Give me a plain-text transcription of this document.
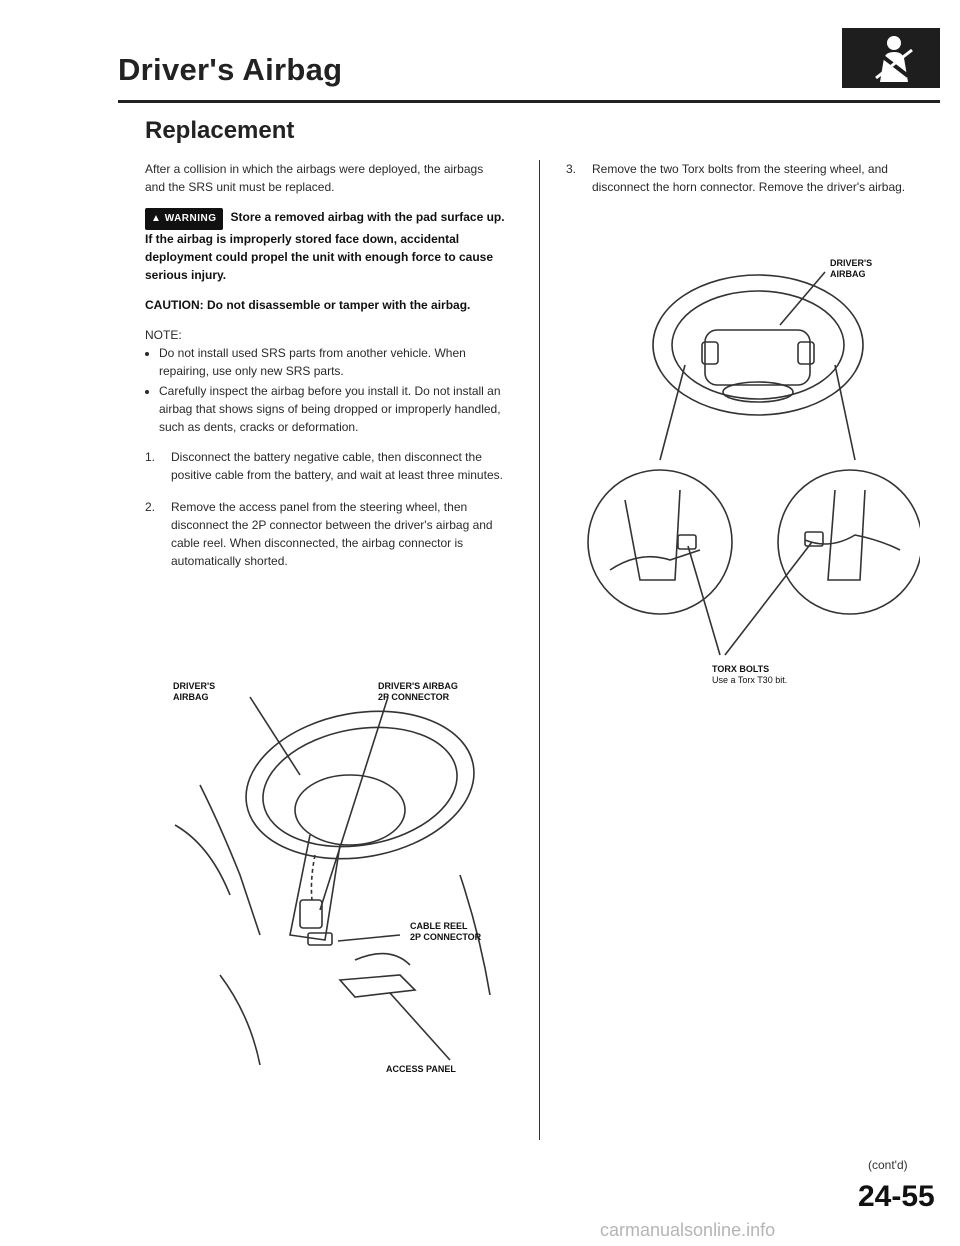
Driver's Airbag
Replacement

After a collision in which the airbags were deployed, the airbags and the SRS unit must be replaced.

▲ WARNING Store a removed airbag with the pad surface up. If the airbag is improperly stored face down, accidental deployment could propel the unit with enough force to cause serious injury.

CAUTION: Do not disassemble or tamper with the airbag.

NOTE:
• Do not install used SRS parts from another vehicle. When repairing, use only new SRS parts.
• Carefully inspect the airbag before you install it. Do not install an airbag that shows signs of being dropped or improperly handled, such as dents, cracks or deformation.
1.	Disconnect the battery negative cable, then disconnect the positive cable from the battery, and wait at least three minutes.
2.	Remove the access panel from the steering wheel, then disconnect the 2P connector between the driver's airbag and cable reel. When disconnected, the airbag connector is automatically shorted.
DRIVER'S
AIRBAG
DRIVER'S AIRBAG
2P CONNECTOR
CABLE REEL
2P CONNECTOR
ACCESS PANEL
3.	Remove the two Torx bolts from the steering wheel, and disconnect the horn connector. Remove the driver's airbag.
DRIVER'S
AIRBAG
TORX BOLTS
Use a Torx T30 bit.
(cont'd)
24-55
carmanualsonline.info
